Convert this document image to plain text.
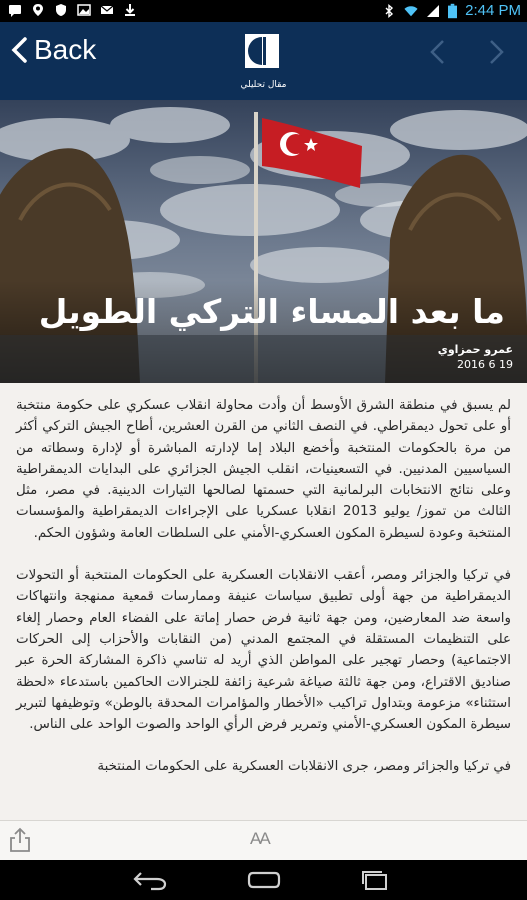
2:44 PM
Back
مقال تحليلي
ما بعد المساء التركي الطويل
عمرو حمزاوي
2016 6 19

لم يسبق في منطقة الشرق الأوسط أن وأدت محاولة انقلاب عسكري على حكومة منتخبة أو على تحول ديمقراطي. في النصف الثاني من القرن العشرين، أطاح الجيش التركي أكثر من مرة بالحكومات المنتخبة وأخضع البلاد إما لإدارته المباشرة أو لإدارة وسطاته من السياسيين المدنيين. في التسعينيات، انقلب الجيش الجزائري على البدايات الديمقراطية وعلى نتائج الانتخابات البرلمانية التي حسمتها لصالحها التيارات الدينية. في مصر، مثل الثالث من تموز/ يوليو 2013 انقلابا عسكريا على الإجراءات الديمقراطية والمؤسسات المنتخبة وعودة لسيطرة المكون العسكري-الأمني على السلطات العامة وشؤون الحكم.

في تركيا والجزائر ومصر، أعقب الانقلابات العسكرية على الحكومات المنتخبة أو التحولات الديمقراطية من جهة أولى تطبيق سياسات عنيفة وممارسات قمعية ممنهجة وانتهاكات واسعة ضد المعارضين، ومن جهة ثانية فرض حصار إماتة على الفضاء العام وحصار إلغاء على التنظيمات المستقلة في المجتمع المدني (من النقابات والأحزاب إلى الحركات الاجتماعية) وحصار تهجير على المواطن الذي أريد له تناسي ذاكرة المشاركة الحرة عبر صناديق الاقتراع، ومن جهة ثالثة صياغة شرعية زائفة للجنرالات الحاكمين باستدعاء «لحظة استثناء» مزعومة وبتداول تراكيب «الأخطار والمؤامرات المحدقة بالوطن» وتوظيفها لتبرير سيطرة المكون العسكري-الأمني وتمرير فرض الرأي الواحد والصوت الواحد على الناس.

في تركيا والجزائر ومصر، جرى الانقلابات العسكرية على الحكومات المنتخبة

AA
